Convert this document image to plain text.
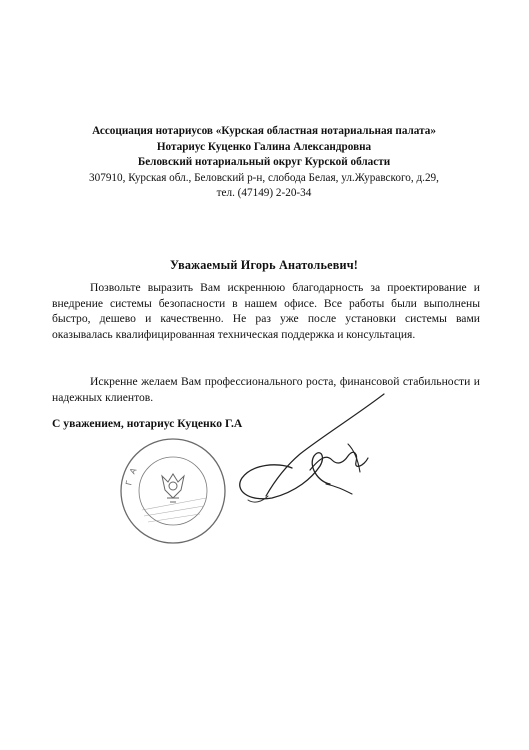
Ассоциация нотариусов «Курская областная нотариальная палата»
Нотариус Куценко Галина Александровна
Беловский нотариальный округ Курской области
307910, Курская обл., Беловский р-н, слобода Белая, ул.Журавского, д.29,
тел. (47149) 2-20-34
Уважаемый Игорь Анатольевич!

Позвольте выразить Вам искреннюю благодарность за проектирование и внедрение системы безопасности в нашем офисе. Все работы были выполнены быстро, дешево и качественно. Не раз уже после установки системы вами оказывалась квалифицированная техническая поддержка и консультация.

Искренне желаем Вам профессионального роста, финансовой стабильности и надежных клиентов.

С уважением, нотариус Куценко Г.А
Г А
